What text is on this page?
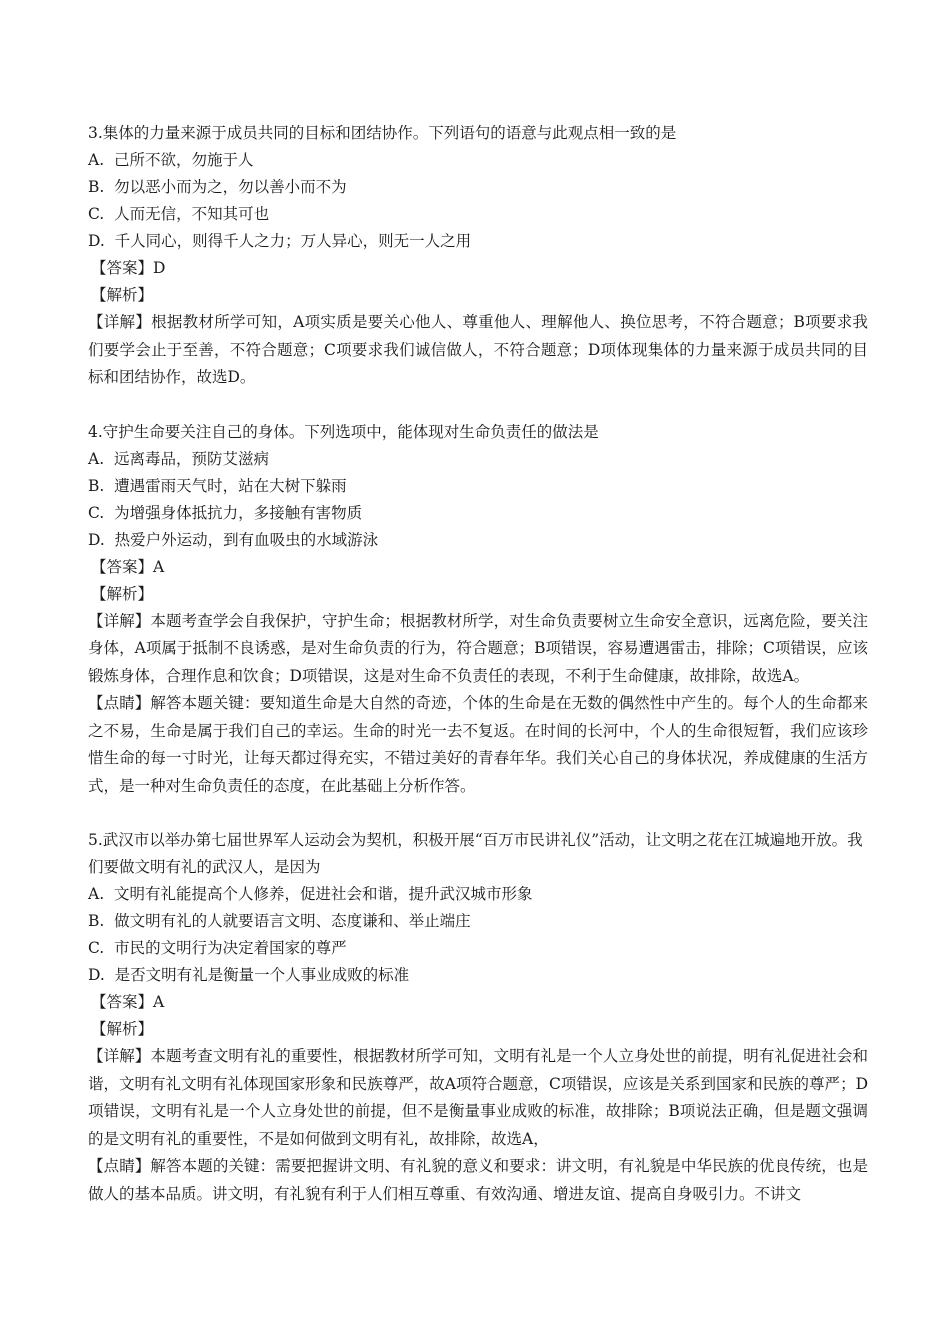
3.集体的力量来源于成员共同的目标和团结协作。下列语句的语意与此观点相一致的是

A.  己所不欲，勿施于人

B.  勿以恶小而为之，勿以善小而不为

C.  人而无信，不知其可也

D.  千人同心，则得千人之力；万人异心，则无一人之用

【答案】D

【解析】

【详解】根据教材所学可知，A项实质是要关心他人、尊重他人、理解他人、换位思考，不符合题意；B项要求我们要学会止于至善，不符合题意；C项要求我们诚信做人，不符合题意；D项体现集体的力量来源于成员共同的目标和团结协作，故选D。

4.守护生命要关注自己的身体。下列选项中，能体现对生命负责任的做法是

A.  远离毒品，预防艾滋病

B.  遭遇雷雨天气时，站在大树下躲雨

C.  为增强身体抵抗力，多接触有害物质

D.  热爱户外运动，到有血吸虫的水域游泳

【答案】A

【解析】

【详解】本题考查学会自我保护，守护生命；根据教材所学，对生命负责要树立生命安全意识，远离危险，要关注身体，A项属于抵制不良诱惑，是对生命负责的行为，符合题意；B项错误，容易遭遇雷击，排除；C项错误，应该锻炼身体，合理作息和饮食；D项错误，这是对生命不负责任的表现，不利于生命健康，故排除，故选A。

【点睛】解答本题关键：要知道生命是大自然的奇迹，个体的生命是在无数的偶然性中产生的。每个人的生命都来之不易，生命是属于我们自己的幸运。生命的时光一去不复返。在时间的长河中，个人的生命很短暂，我们应该珍惜生命的每一寸时光，让每天都过得充实，不错过美好的青春年华。我们关心自己的身体状况，养成健康的生活方式，是一种对生命负责任的态度，在此基础上分析作答。

5.武汉市以举办第七届世界军人运动会为契机，积极开展“百万市民讲礼仪”活动，让文明之花在江城遍地开放。我们要做文明有礼的武汉人，是因为

A.  文明有礼能提高个人修养，促进社会和谐，提升武汉城市形象

B.  做文明有礼的人就要语言文明、态度谦和、举止端庄

C.  市民的文明行为决定着国家的尊严

D.  是否文明有礼是衡量一个人事业成败的标准

【答案】A

【解析】

【详解】本题考查文明有礼的重要性，根据教材所学可知，文明有礼是一个人立身处世的前提，明有礼促进社会和谐，文明有礼文明有礼体现国家形象和民族尊严，故A项符合题意，C项错误，应该是关系到国家和民族的尊严；D项错误，文明有礼是一个人立身处世的前提，但不是衡量事业成败的标准，故排除；B项说法正确，但是题文强调的是文明有礼的重要性，不是如何做到文明有礼，故排除，故选A，

【点睛】解答本题的关键：需要把握讲文明、有礼貌的意义和要求：讲文明，有礼貌是中华民族的优良传统，也是做人的基本品质。讲文明，有礼貌有利于人们相互尊重、有效沟通、增进友谊、提高自身吸引力。不讲文
